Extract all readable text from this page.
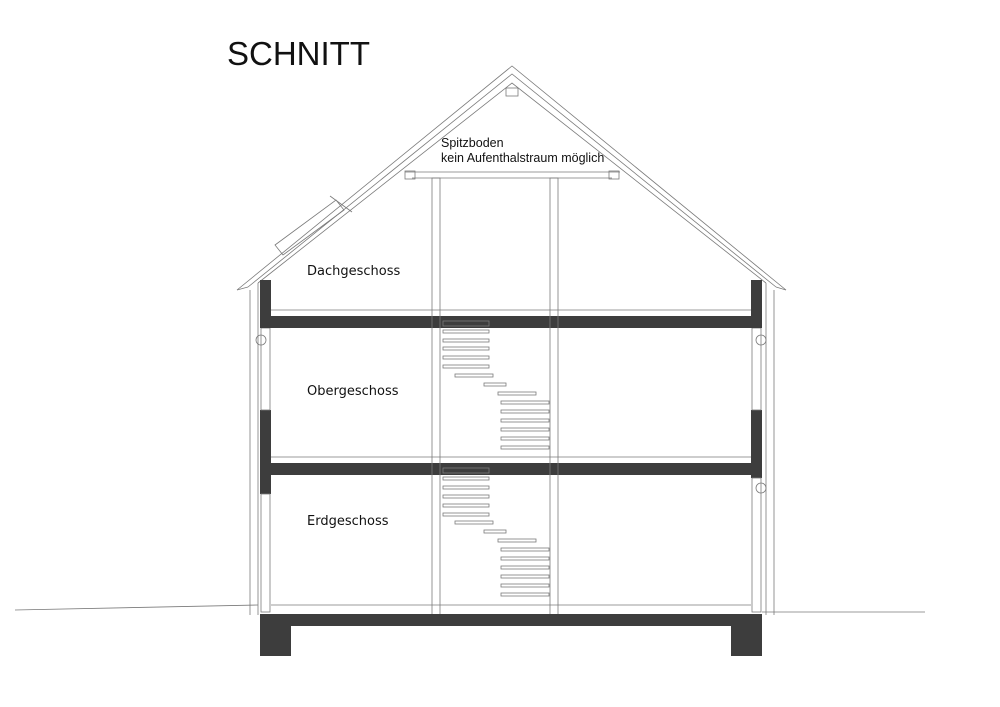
SCHNITT
Spitzboden
kein Aufenthalstraum möglich
Dachgeschoss
Obergeschoss
Erdgeschoss
